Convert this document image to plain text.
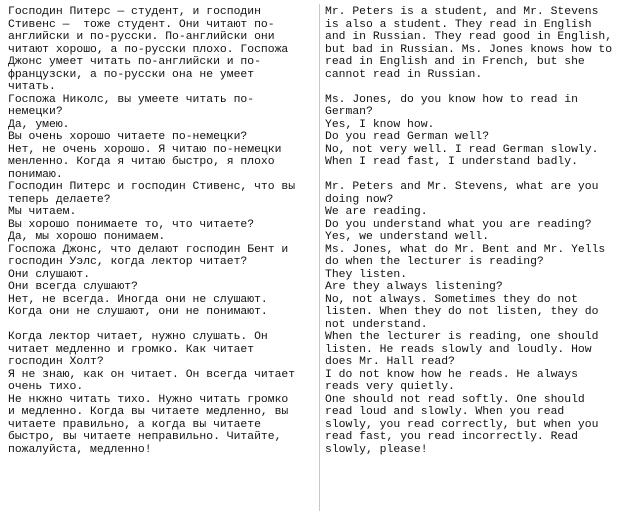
Господин Питерс — студент, и господин
Стивенс —  тоже студент. Они читают по-
английски и по-русски. По-английски они
читают хорошо, а по-русски плохо. Госпожа
Джонс умеет читать по-английски и по-
французски, а по-русски она не умеет
читать.
Госпожа Николс, вы умеете читать по-
немецки?
Да, умею.
Вы очень хорошо читаете по-немецки?
Нет, не очень хорошо. Я читаю по-немецки
менленно. Когда я читаю быстро, я плохо
понимаю.
Господин Питерс и господин Стивенс, что вы
теперь делаете?
Мы читаем.
Вы хорошо понимаете то, что читаете?
Да, мы хорошо понимаем.
Госпожа Джонс, что делают господин Бент и
господин Уэлс, когда лектор читает?
Они слушают.
Они всегда слушают?
Нет, не всегда. Иногда они не слушают.
Когда они не слушают, они не понимают.
Когда лектор читает, нужно слушать. Он
читает медленно и громко. Как читает
господин Холт?
Я не знаю, как он читает. Он всегда читает
очень тихо.
Не нкжно читать тихо. Нужно читать громко
и медленно. Когда вы читаете медленно, вы
читаете правильно, а когда вы читаете
быстро, вы читаете неправильно. Читайте,
пожалуйста, медленно!
Mr. Peters is a student, and Mr. Stevens
is also a student. They read in English
and in Russian. They read good in English,
but bad in Russian. Ms. Jones knows how to
read in English and in French, but she
cannot read in Russian.
Ms. Jones, do you know how to read in
German?
Yes, I know how.
Do you read German well?
No, not very well. I read German slowly.
When I read fast, I understand badly.
Mr. Peters and Mr. Stevens, what are you
doing now?
We are reading.
Do you understand what you are reading?
Yes, we understand well.
Ms. Jones, what do Mr. Bent and Mr. Yells
do when the lecturer is reading?
They listen.
Are they always listening?
No, not always. Sometimes they do not
listen. When they do not listen, they do
not understand.
When the lecturer is reading, one should
listen. He reads slowly and loudly. How
does Mr. Hall read?
I do not know how he reads. He always
reads very quietly.
One should not read softly. One should
read loud and slowly. When you read
slowly, you read correctly, but when you
read fast, you read incorrectly. Read
slowly, please!
